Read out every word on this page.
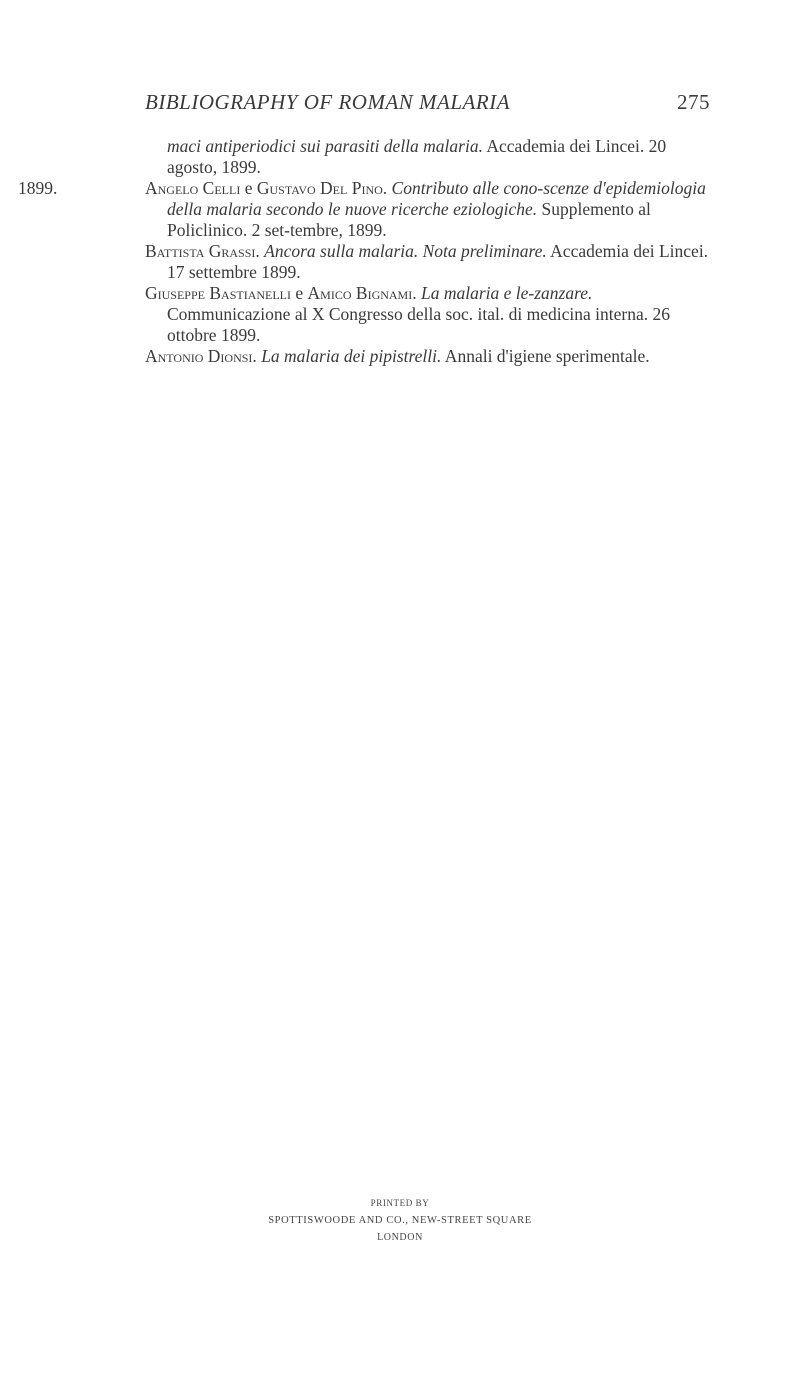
BIBLIOGRAPHY OF ROMAN MALARIA	275

maci antiperiodici sui parasiti della malaria. Accademia dei Lincei. 20 agosto, 1899.

1899.	Angelo Celli e Gustavo Del Pino. Contributo alle cono-scenze d'epidemiologia della malaria secondo le nuove ricerche eziologiche. Supplemento al Policlinico. 2 set-tembre, 1899.

Battista Grassi. Ancora sulla malaria. Nota preliminare. Accademia dei Lincei. 17 settembre 1899.

Giuseppe Bastianelli e Amico Bignami. La malaria e le-zanzare. Communicazione al X Congresso della soc. ital. di medicina interna. 26 ottobre 1899.

Antonio Dionsi. La malaria dei pipistrelli. Annali d'igiene sperimentale.

PRINTED BY
SPOTTISWOODE AND CO., NEW-STREET SQUARE
LONDON
